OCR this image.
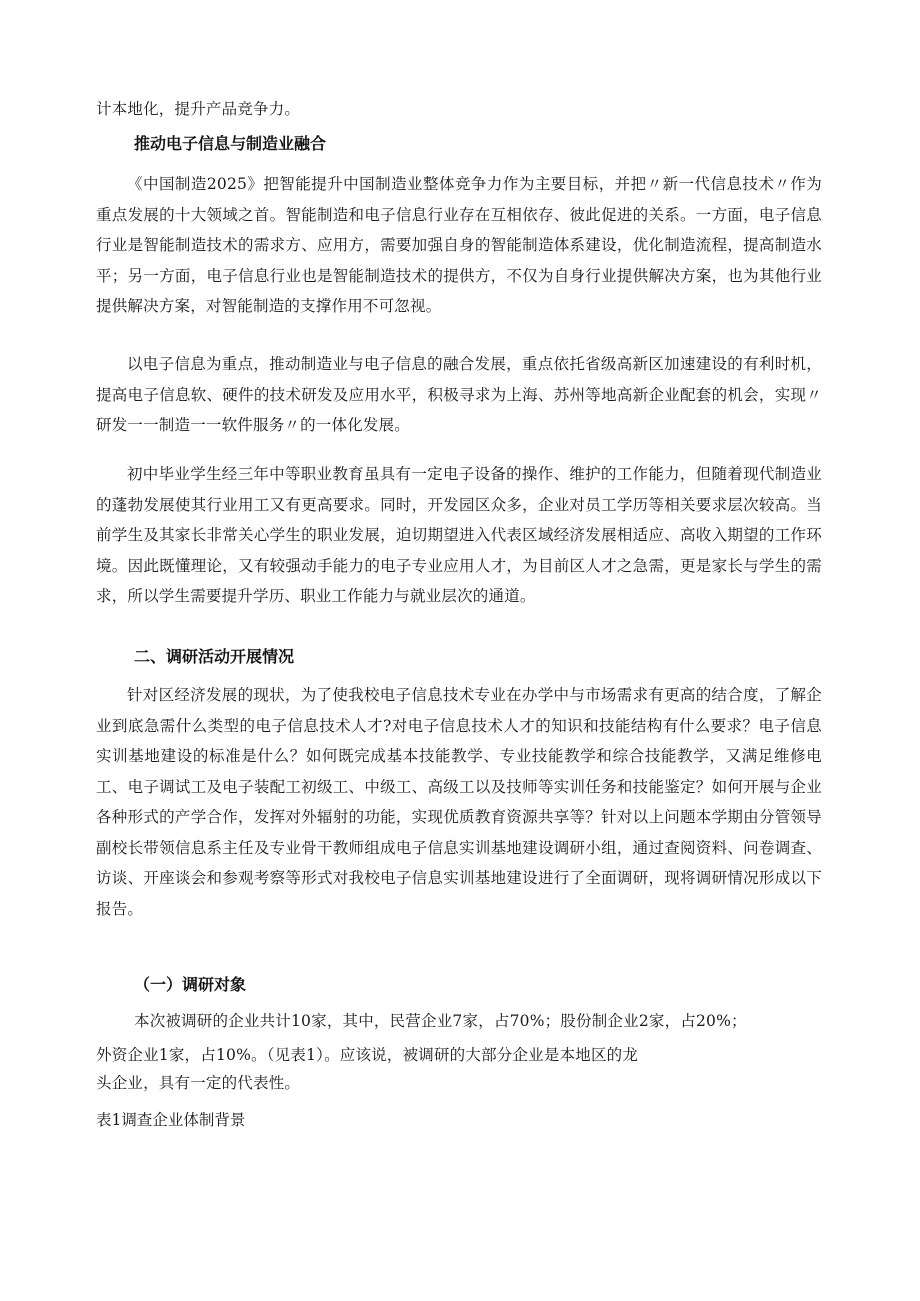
计本地化，提升产品竞争力。

推动电子信息与制造业融合

《中国制造2025》把智能提升中国制造业整体竞争力作为主要目标，并把〃新一代信息技术〃作为重点发展的十大领域之首。智能制造和电子信息行业存在互相依存、彼此促进的关系。一方面，电子信息行业是智能制造技术的需求方、应用方，需要加强自身的智能制造体系建设，优化制造流程，提高制造水平；另一方面，电子信息行业也是智能制造技术的提供方，不仅为自身行业提供解决方案，也为其他行业提供解决方案，对智能制造的支撑作用不可忽视。

以电子信息为重点，推动制造业与电子信息的融合发展，重点依托省级高新区加速建设的有利时机，提高电子信息软、硬件的技术研发及应用水平，积极寻求为上海、苏州等地高新企业配套的机会，实现〃研发一一制造一一软件服务〃的一体化发展。

初中毕业学生经三年中等职业教育虽具有一定电子设备的操作、维护的工作能力，但随着现代制造业的蓬勃发展使其行业用工又有更高要求。同时，开发园区众多，企业对员工学历等相关要求层次较高。当前学生及其家长非常关心学生的职业发展，迫切期望进入代表区域经济发展相适应、高收入期望的工作环境。因此既懂理论，又有较强动手能力的电子专业应用人才，为目前区人才之急需，更是家长与学生的需求，所以学生需要提升学历、职业工作能力与就业层次的通道。

二、调研活动开展情况

针对区经济发展的现状，为了使我校电子信息技术专业在办学中与市场需求有更高的结合度，了解企业到底急需什么类型的电子信息技术人才?对电子信息技术人才的知识和技能结构有什么要求？电子信息实训基地建设的标准是什么？如何既完成基本技能教学、专业技能教学和综合技能教学，又满足维修电工、电子调试工及电子装配工初级工、中级工、高级工以及技师等实训任务和技能鉴定？如何开展与企业各种形式的产学合作，发挥对外辐射的功能，实现优质教育资源共享等？针对以上问题本学期由分管领导副校长带领信息系主任及专业骨干教师组成电子信息实训基地建设调研小组，通过查阅资料、问卷调查、访谈、开座谈会和参观考察等形式对我校电子信息实训基地建设进行了全面调研，现将调研情况形成以下报告。

（一）调研对象

本次被调研的企业共计10家，其中，民营企业7家，占70%；股份制企业2家，占20%；

外资企业1家，占10%。（见表1）。应该说，被调研的大部分企业是本地区的龙

头企业，具有一定的代表性。

表1调查企业体制背景
